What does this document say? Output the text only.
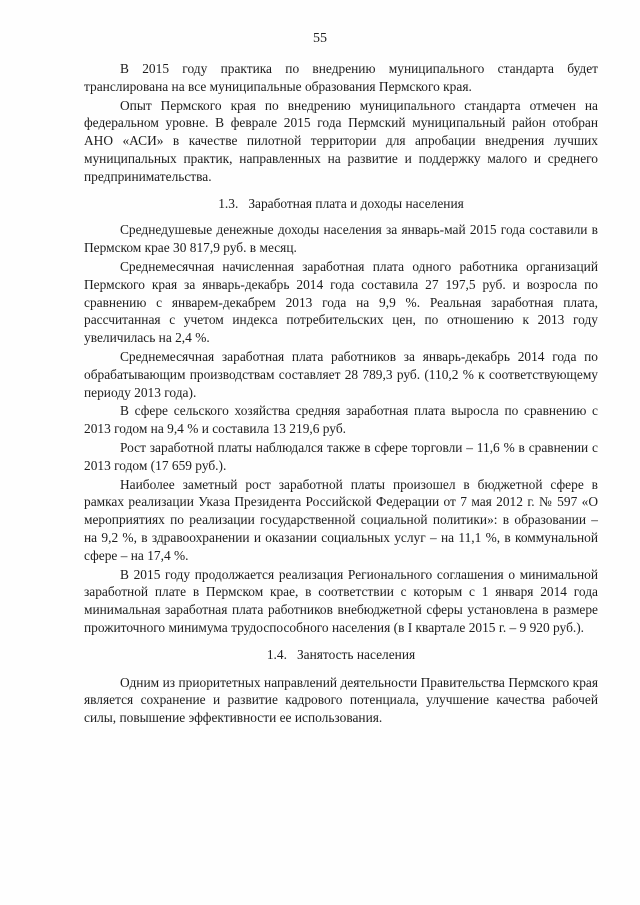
55

В 2015 году практика по внедрению муниципального стандарта будет транслирована на все муниципальные образования Пермского края.

Опыт Пермского края по внедрению муниципального стандарта отмечен на федеральном уровне. В феврале 2015 года Пермский муниципальный район отобран АНО «АСИ» в качестве пилотной территории для апробации внедрения лучших муниципальных практик, направленных на развитие и поддержку малого и среднего предпринимательства.

1.3. Заработная плата и доходы населения

Среднедушевые денежные доходы населения за январь-май 2015 года составили в Пермском крае 30 817,9 руб. в месяц.

Среднемесячная начисленная заработная плата одного работника организаций Пермского края за январь-декабрь 2014 года составила 27 197,5 руб. и возросла по сравнению с январем-декабрем 2013 года на 9,9 %. Реальная заработная плата, рассчитанная с учетом индекса потребительских цен, по отношению к 2013 году увеличилась на 2,4 %.

Среднемесячная заработная плата работников за январь-декабрь 2014 года по обрабатывающим производствам составляет 28 789,3 руб. (110,2 % к соответствующему периоду 2013 года).

В сфере сельского хозяйства средняя заработная плата выросла по сравнению с 2013 годом на 9,4 % и составила 13 219,6 руб.

Рост заработной платы наблюдался также в сфере торговли – 11,6 % в сравнении с 2013 годом (17 659 руб.).

Наиболее заметный рост заработной платы произошел в бюджетной сфере в рамках реализации Указа Президента Российской Федерации от 7 мая 2012 г. № 597 «О мероприятиях по реализации государственной социальной политики»: в образовании – на 9,2 %, в здравоохранении и оказании социальных услуг – на 11,1 %, в коммунальной сфере – на 17,4 %.

В 2015 году продолжается реализация Регионального соглашения о минимальной заработной плате в Пермском крае, в соответствии с которым с 1 января 2014 года минимальная заработная плата работников внебюджетной сферы установлена в размере прожиточного минимума трудоспособного населения (в I квартале 2015 г. – 9 920 руб.).

1.4. Занятость населения

Одним из приоритетных направлений деятельности Правительства Пермского края является сохранение и развитие кадрового потенциала, улучшение качества рабочей силы, повышение эффективности ее использования.
